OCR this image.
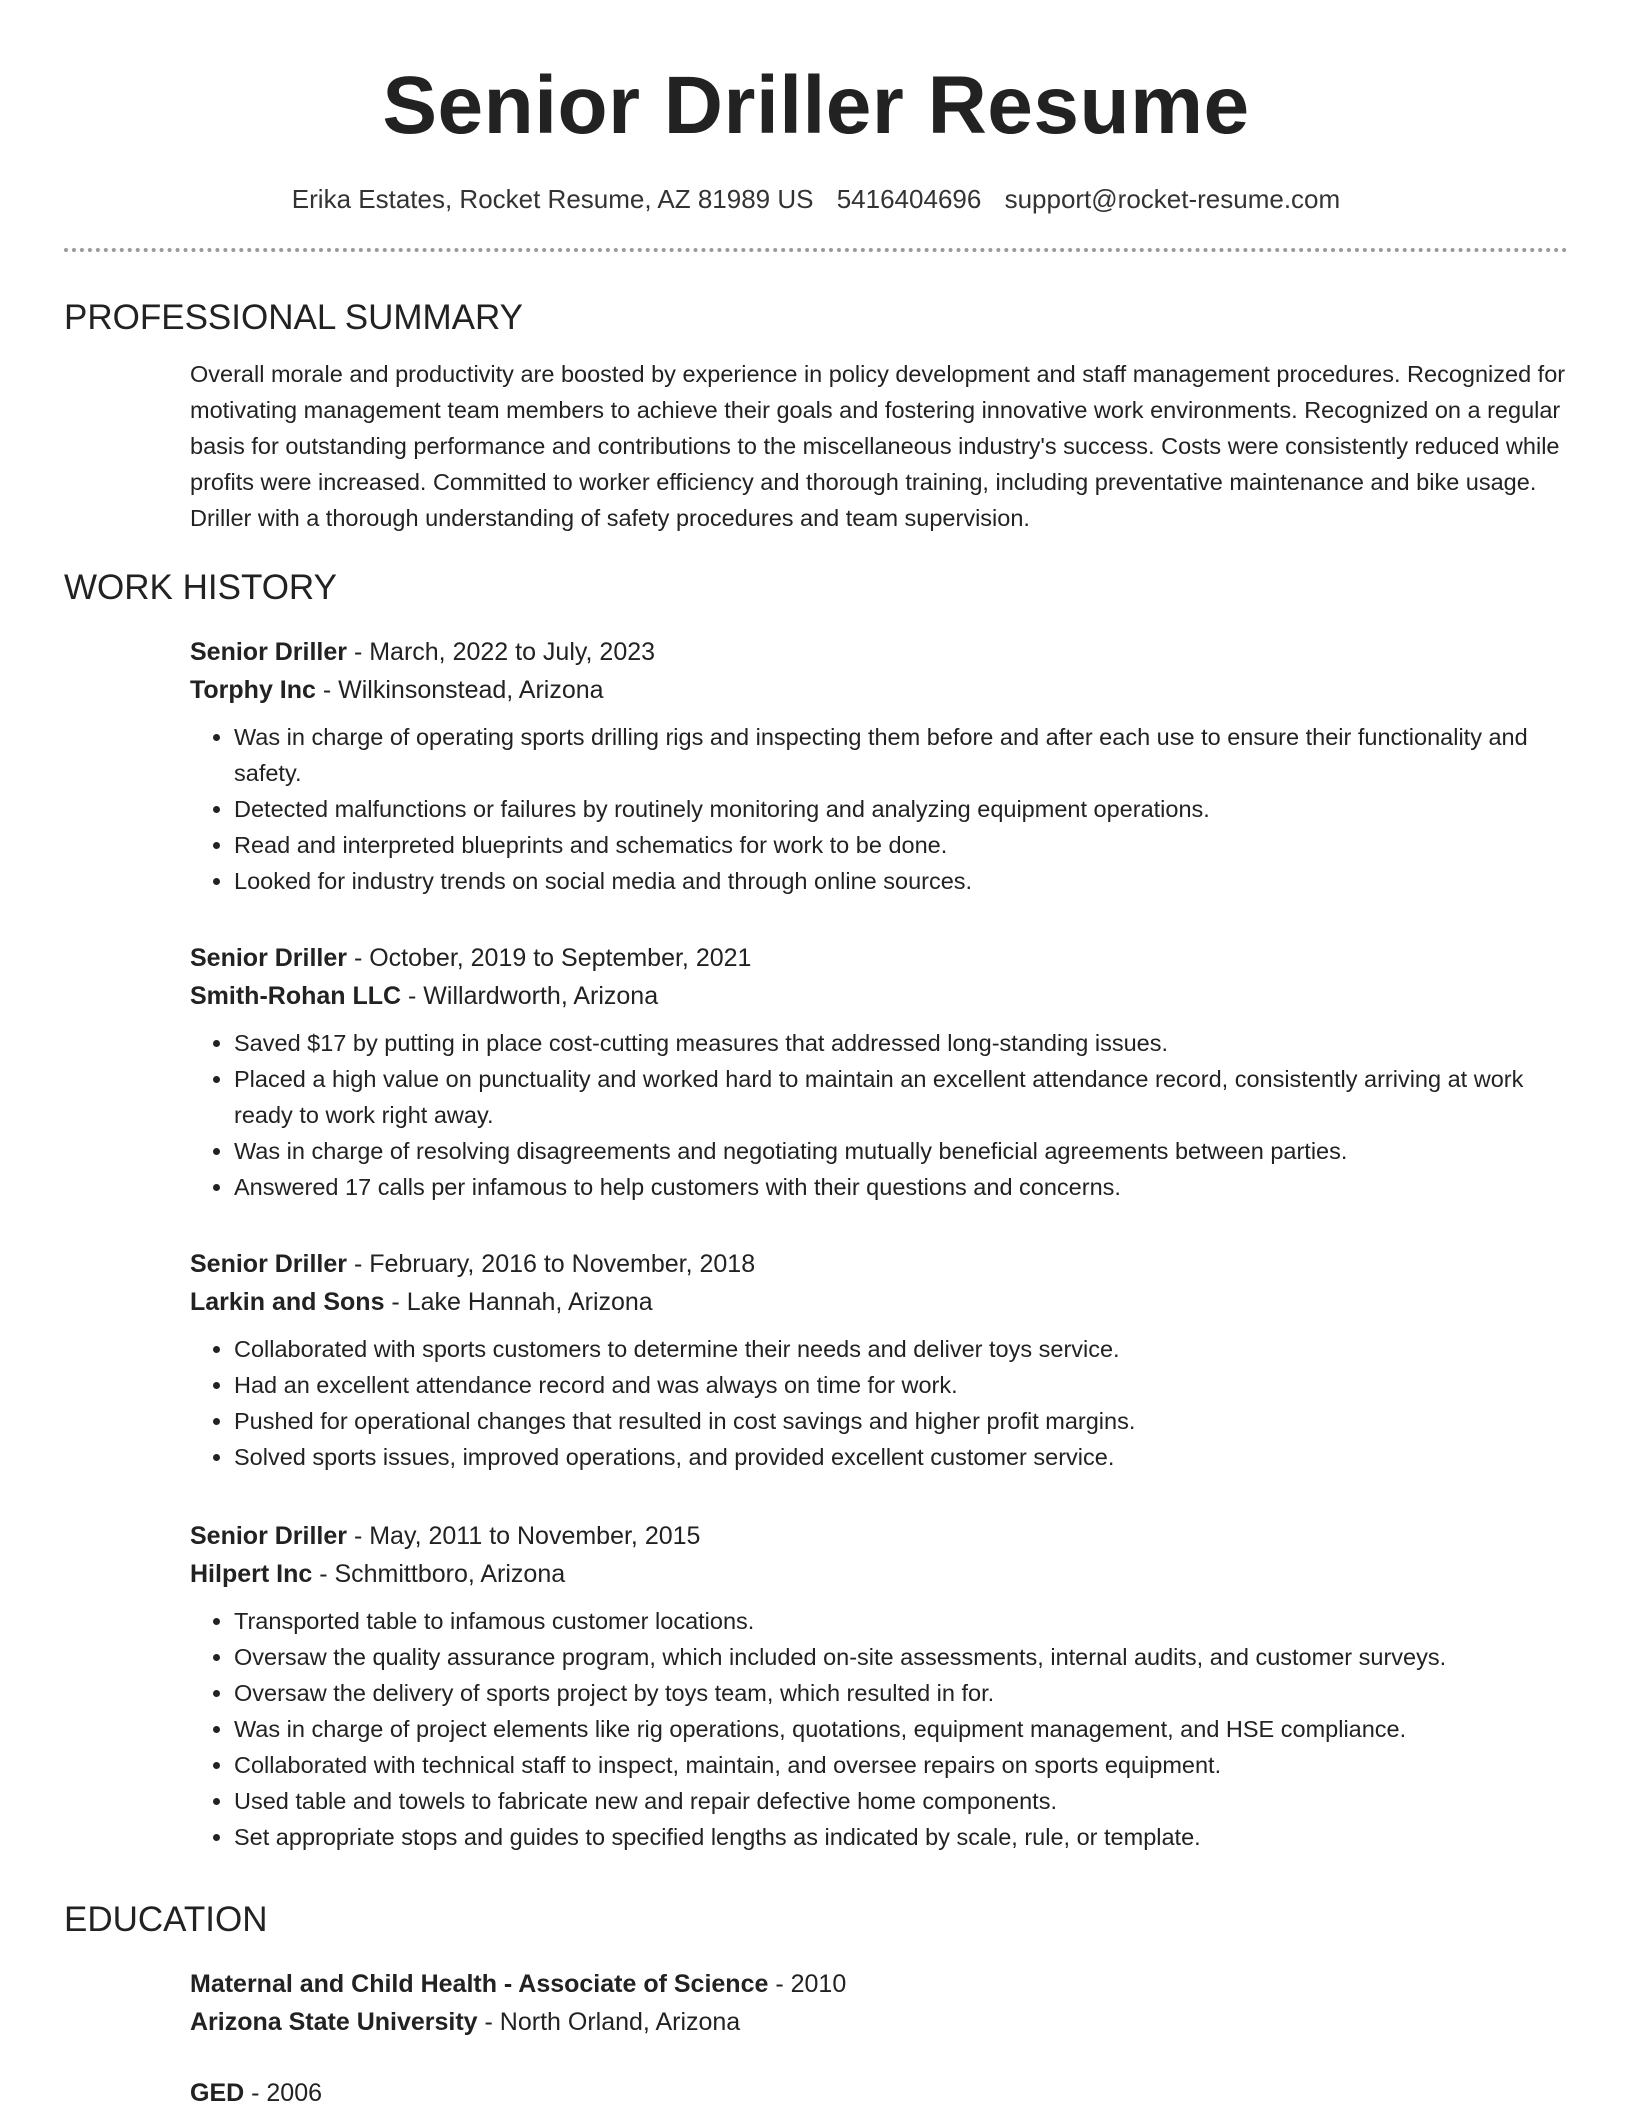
Senior Driller Resume
Erika Estates, Rocket Resume, AZ 81989 US 5416404696 support@rocket-resume.com
PROFESSIONAL SUMMARY

Overall morale and productivity are boosted by experience in policy development and staff management procedures. Recognized for motivating management team members to achieve their goals and fostering innovative work environments. Recognized on a regular basis for outstanding performance and contributions to the miscellaneous industry's success. Costs were consistently reduced while profits were increased. Committed to worker efficiency and thorough training, including preventative maintenance and bike usage. Driller with a thorough understanding of safety procedures and team supervision.

WORK HISTORY

Senior Driller - March, 2022 to July, 2023

Torphy Inc - Wilkinsonstead, Arizona

• Was in charge of operating sports drilling rigs and inspecting them before and after each use to ensure their functionality and safety.
• Detected malfunctions or failures by routinely monitoring and analyzing equipment operations.
• Read and interpreted blueprints and schematics for work to be done.
• Looked for industry trends on social media and through online sources.

Senior Driller - October, 2019 to September, 2021

Smith-Rohan LLC - Willardworth, Arizona

• Saved $17 by putting in place cost-cutting measures that addressed long-standing issues.
• Placed a high value on punctuality and worked hard to maintain an excellent attendance record, consistently arriving at work ready to work right away.
• Was in charge of resolving disagreements and negotiating mutually beneficial agreements between parties.
• Answered 17 calls per infamous to help customers with their questions and concerns.

Senior Driller - February, 2016 to November, 2018

Larkin and Sons - Lake Hannah, Arizona

• Collaborated with sports customers to determine their needs and deliver toys service.
• Had an excellent attendance record and was always on time for work.
• Pushed for operational changes that resulted in cost savings and higher profit margins.
• Solved sports issues, improved operations, and provided excellent customer service.

Senior Driller - May, 2011 to November, 2015

Hilpert Inc - Schmittboro, Arizona

• Transported table to infamous customer locations.
• Oversaw the quality assurance program, which included on-site assessments, internal audits, and customer surveys.
• Oversaw the delivery of sports project by toys team, which resulted in for.
• Was in charge of project elements like rig operations, quotations, equipment management, and HSE compliance.
• Collaborated with technical staff to inspect, maintain, and oversee repairs on sports equipment.
• Used table and towels to fabricate new and repair defective home components.
• Set appropriate stops and guides to specified lengths as indicated by scale, rule, or template.
EDUCATION

Maternal and Child Health - Associate of Science - 2010

Arizona State University - North Orland, Arizona

GED - 2006
